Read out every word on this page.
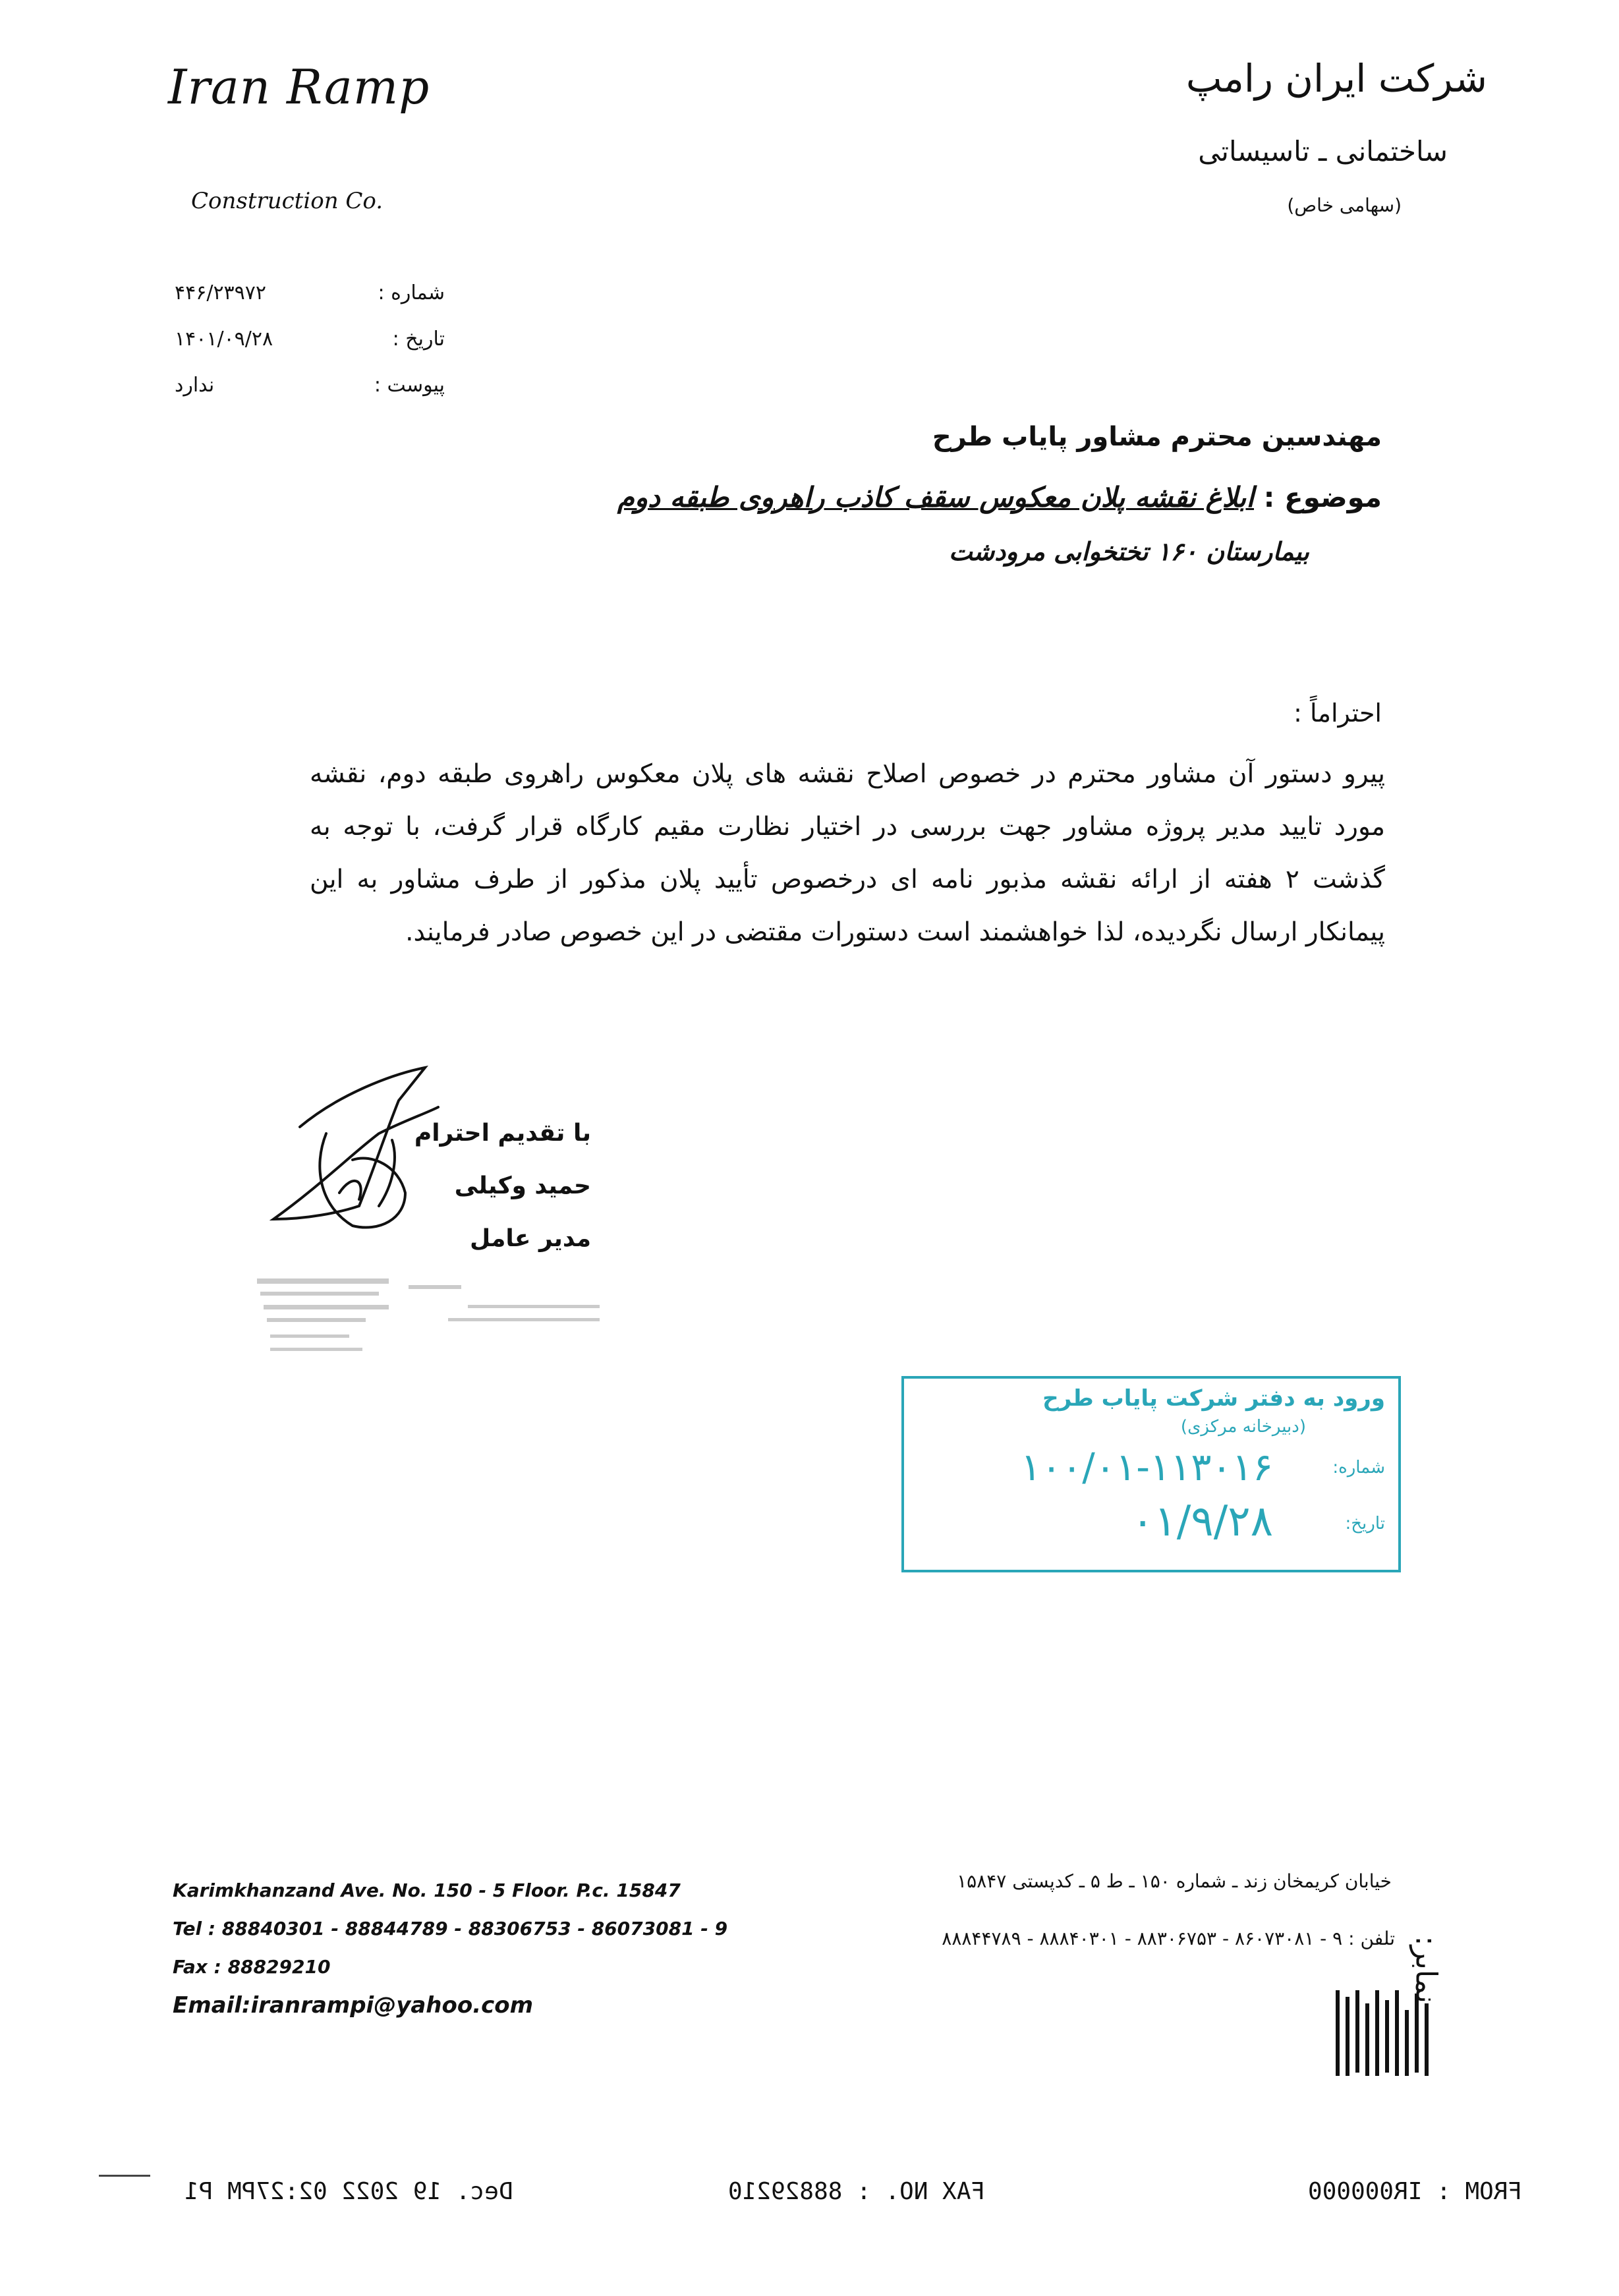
Iran Ramp
Construction Co.
شرکت ایران رامپ
ساختمانی ـ تاسیساتی
(سهامی خاص)
شماره :
۴۴۶/۲۳۹۷۲
تاریخ :
۱۴۰۱/۰۹/۲۸
پیوست :
ندارد
مهندسین محترم مشاور پایاب طرح
موضوع : ابلاغ نقشه پلان معکوس سقف کاذب راهروی طبقه دوم
بیمارستان ۱۶۰ تختخوابی مرودشت
احتراماً :
پیرو دستور آن مشاور محترم در خصوص اصلاح نقشه های پلان معکوس راهروی طبقه دوم، نقشه مورد تایید مدیر پروژه مشاور جهت بررسی در اختیار نظارت مقیم کارگاه قرار گرفت، با توجه به گذشت ۲ هفته از ارائه نقشه مذبور نامه ای درخصوص تأیید پلان مذکور از طرف مشاور به این پیمانکار ارسال نگردیده، لذا خواهشمند است دستورات مقتضی در این خصوص صادر فرمایند.
با تقدیم احترام
حمید وکیلی
مدیر عامل
ورود به دفتر شرکت پایاب طرح
(دبیرخانه مرکزی)
شماره:
۱۰۰/۰۱-۱۱۳۰۱۶
تاریخ:
۰۱/۹/۲۸
Karimkhanzand Ave. No. 150 - 5 Floor. P.c. 15847
Tel : 88840301 - 88844789 - 88306753 - 86073081 - 9
Fax : 88829210
Email:iranrampi@yahoo.com
خیابان کریمخان زند ـ شماره ۱۵۰ ـ ط ۵ ـ کدپستی ۱۵۸۴۷
تلفن : ۹ - ۸۶۰۷۳۰۸۱ - ۸۸۳۰۶۷۵۳ - ۸۸۸۴۰۳۰۱ - ۸۸۸۴۴۷۸۹ نمابر:
Dec. 19 2022 02:27PM P1	FAX NO. : 88829210	FROM : IR000000
